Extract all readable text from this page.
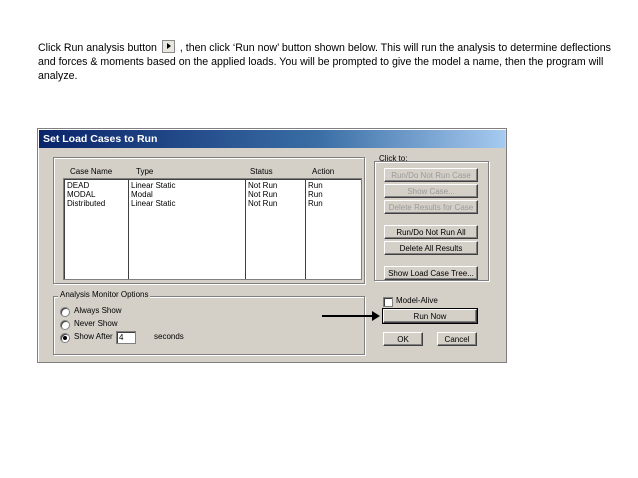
Click Run analysis button , then click ‘Run now’ button shown below. This will run the analysis to determine deflections and forces & moments based on the applied loads. You will be prompted to give the model a name, then the program will analyze.
Set Load Cases to Run
Case Name	Type	Status	Action
DEAD	Linear Static	Not Run	Run
MODAL	Modal	Not Run	Run
Distributed	Linear Static	Not Run	Run
Click to:
Run/Do Not Run Case
Show Case...
Delete Results for Case
Run/Do Not Run All
Delete All Results
Show Load Case Tree...
Analysis Monitor Options
Always Show
Never Show
Show After 4	seconds
Model-Alive
Run Now
OK	Cancel
